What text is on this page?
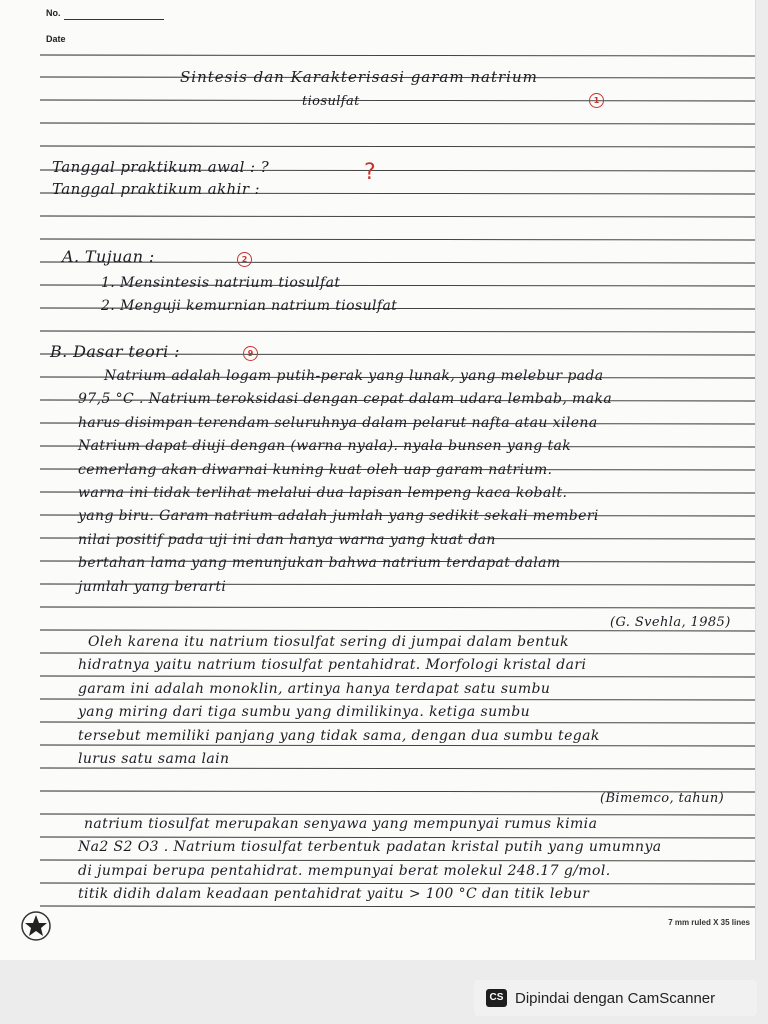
No.
Date
Sintesis dan Karakterisasi garam natrium
1
tiosulfat
Tanggal praktikum awal : ?	?
Tanggal praktikum akhir :
A. Tujuan :	2
1. Mensintesis natrium tiosulfat
2. Menguji kemurnian natrium tiosulfat
B. Dasar teori :	9
Natrium adalah logam putih-perak yang lunak, yang melebur pada
97,5 °C . Natrium teroksidasi dengan cepat dalam udara lembab, maka
harus disimpan terendam seluruhnya dalam pelarut nafta atau xilena
Natrium dapat diuji dengan (warna nyala). nyala bunsen yang tak
cemerlang akan diwarnai kuning kuat oleh uap garam natrium.
warna ini tidak terlihat melalui dua lapisan lempeng kaca kobalt.
yang biru. Garam natrium adalah jumlah yang sedikit sekali memberi
nilai positif pada uji ini dan hanya warna yang kuat dan
bertahan lama yang menunjukan bahwa natrium terdapat dalam
jumlah yang berarti
(G. Svehla, 1985)
Oleh karena itu natrium tiosulfat sering di jumpai dalam bentuk
hidratnya yaitu natrium tiosulfat pentahidrat. Morfologi kristal dari
garam ini adalah monoklin, artinya hanya terdapat satu sumbu
yang miring dari tiga sumbu yang dimilikinya. ketiga sumbu
tersebut memiliki panjang yang tidak sama, dengan dua sumbu tegak
lurus satu sama lain
(Bimemco, tahun)
natrium tiosulfat merupakan senyawa yang mempunyai rumus kimia
Na2 S2 O3 . Natrium tiosulfat terbentuk padatan kristal putih yang umumnya
di jumpai berupa pentahidrat. mempunyai berat molekul 248.17 g/mol.
titik didih dalam keadaan pentahidrat yaitu > 100 °C dan titik lebur
7 mm ruled X 35 lines
CS Dipindai dengan CamScanner
